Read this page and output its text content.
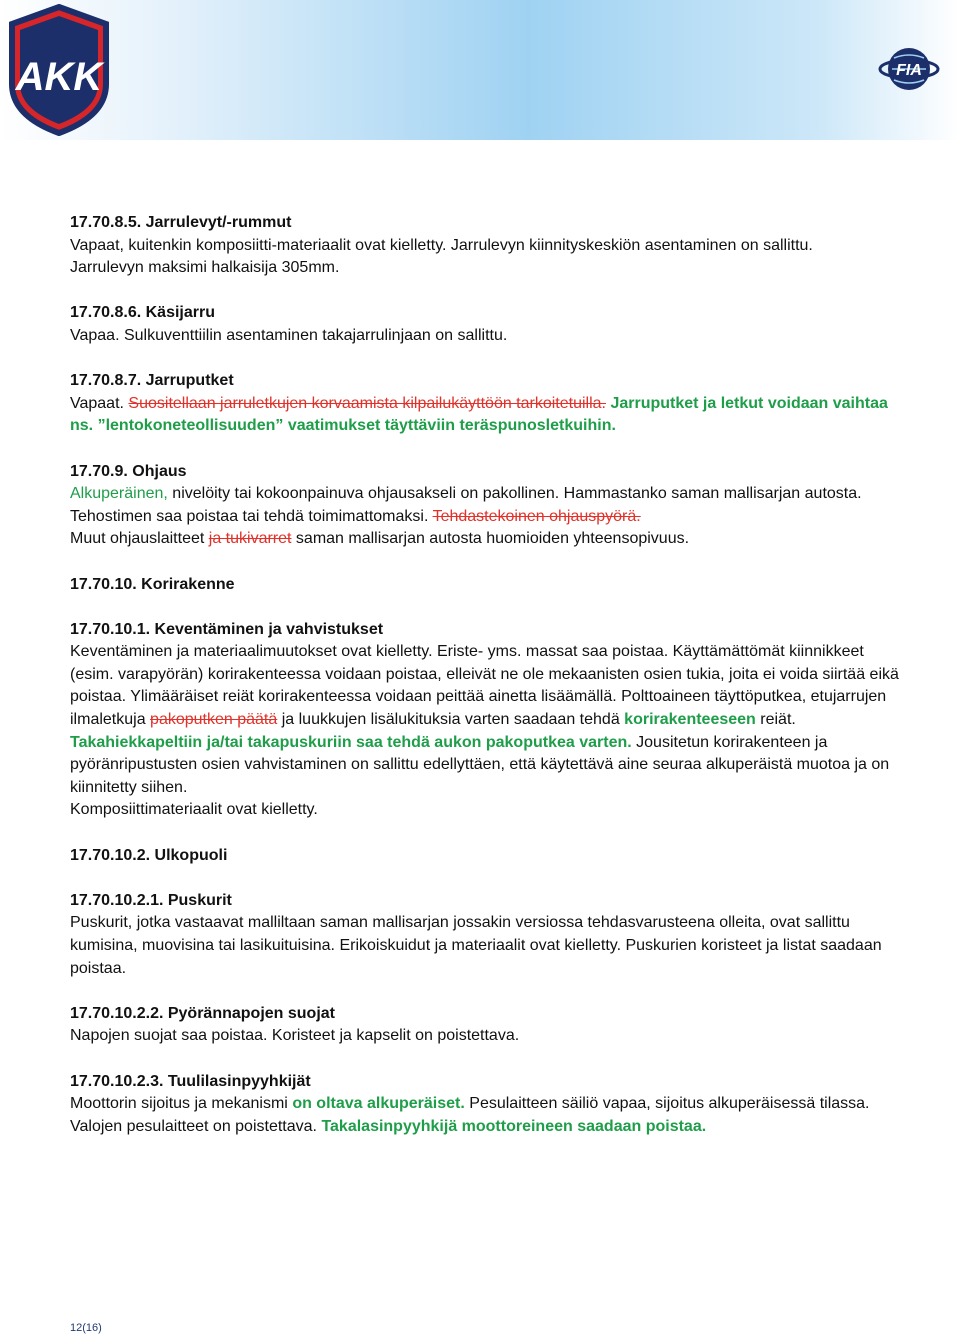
AKK	FIA
17.70.8.5. Jarrulevyt/-rummut
Vapaat, kuitenkin komposiitti-materiaalit ovat kielletty. Jarrulevyn kiinnityskeskiön asentaminen on sallittu.
Jarrulevyn maksimi halkaisija 305mm.
17.70.8.6. Käsijarru
Vapaa. Sulkuventtiilin asentaminen takajarrulinjaan on sallittu.
17.70.8.7. Jarruputket
Vapaat. Suositellaan jarruletkujen korvaamista kilpailukäyttöön tarkoitetuilla. Jarruputket ja letkut voidaan vaihtaa ns. ”lentokoneteollisuuden” vaatimukset täyttäviin teräspunosletkuihin.
17.70.9. Ohjaus
Alkuperäinen, nivelöity tai kokoonpainuva ohjausakseli on pakollinen. Hammastanko saman mallisarjan autosta. Tehostimen saa poistaa tai tehdä toimimattomaksi. Tehdastekoinen ohjauspyörä.
Muut ohjauslaitteet ja tukivarret saman mallisarjan autosta huomioiden yhteensopivuus.
17.70.10. Korirakenne
17.70.10.1. Keventäminen ja vahvistukset
Keventäminen ja materiaalimuutokset ovat kielletty. Eriste- yms. massat saa poistaa. Käyttämättömät kiinnikkeet (esim. varapyörän) korirakenteessa voidaan poistaa, elleivät ne ole mekaanisten osien tukia, joita ei voida siirtää eikä poistaa. Ylimääräiset reiät korirakenteessa voidaan peittää ainetta lisäämällä. Polttoaineen täyttöputkea, etujarrujen ilmaletkuja pakoputken päätä ja luukkujen lisälukituksia varten saadaan tehdä korirakenteeseen reiät. Takahiekkapeltiin ja/tai takapuskuriin saa tehdä aukon pakoputkea varten. Jousitetun korirakenteen ja pyöränripustusten osien vahvistaminen on sallittu edellyttäen, että käytettävä aine seuraa alkuperäistä muotoa ja on kiinnitetty siihen.
Komposiittimateriaalit ovat kielletty.
17.70.10.2. Ulkopuoli
17.70.10.2.1. Puskurit
Puskurit, jotka vastaavat malliltaan saman mallisarjan jossakin versiossa tehdasvarusteena olleita, ovat sallittu kumisina, muovisina tai lasikuituisina. Erikoiskuidut ja materiaalit ovat kielletty. Puskurien koristeet ja listat saadaan poistaa.
17.70.10.2.2. Pyörännapojen suojat
Napojen suojat saa poistaa. Koristeet ja kapselit on poistettava.
17.70.10.2.3. Tuulilasinpyyhkijät
Moottorin sijoitus ja mekanismi on oltava alkuperäiset. Pesulaitteen säiliö vapaa, sijoitus alkuperäisessä tilassa. Valojen pesulaitteet on poistettava. Takalasinpyyhkijä moottoreineen saadaan poistaa.
12(16)
